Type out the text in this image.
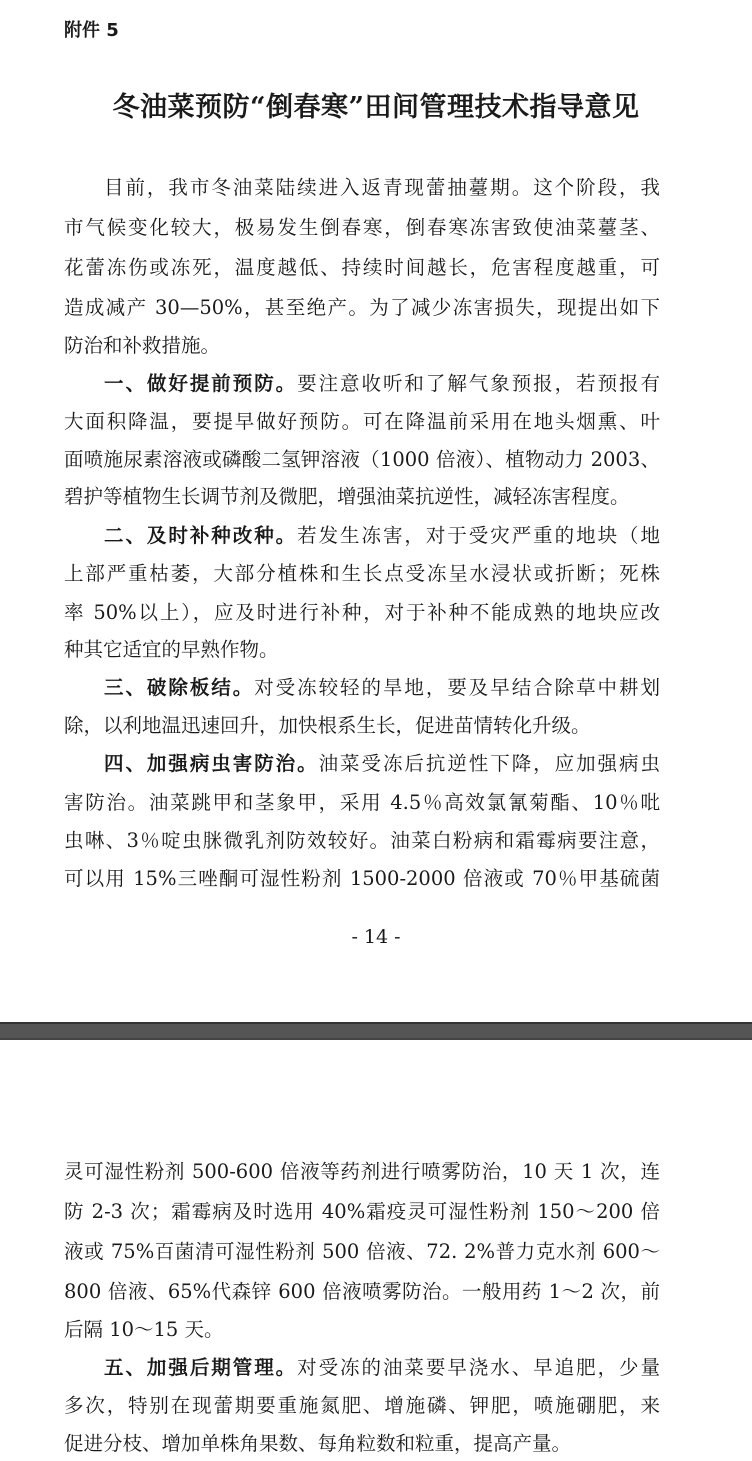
附件 5
冬油菜预防“倒春寒”田间管理技术指导意见
目前，我市冬油菜陆续进入返青现蕾抽薹期。这个阶段，我
市气候变化较大，极易发生倒春寒，倒春寒冻害致使油菜薹茎、
花蕾冻伤或冻死，温度越低、持续时间越长，危害程度越重，可
造成减产 30—50%，甚至绝产。为了减少冻害损失，现提出如下
防治和补救措施。
一、做好提前预防。要注意收听和了解气象预报，若预报有
大面积降温，要提早做好预防。可在降温前采用在地头烟熏、叶
面喷施尿素溶液或磷酸二氢钾溶液（1000 倍液）、植物动力 2003、
碧护等植物生长调节剂及微肥，增强油菜抗逆性，减轻冻害程度。
二、及时补种改种。若发生冻害，对于受灾严重的地块（地
上部严重枯萎，大部分植株和生长点受冻呈水浸状或折断；死株
率 50%以上），应及时进行补种，对于补种不能成熟的地块应改
种其它适宜的早熟作物。
三、破除板结。对受冻较轻的旱地，要及早结合除草中耕划
除，以利地温迅速回升，加快根系生长，促进苗情转化升级。
四、加强病虫害防治。油菜受冻后抗逆性下降，应加强病虫
害防治。油菜跳甲和茎象甲，采用 4.5％高效氯氰菊酯、10％吡
虫啉、3％啶虫脒微乳剂防效较好。油菜白粉病和霜霉病要注意，
可以用 15%三唑酮可湿性粉剂 1500-2000 倍液或 70％甲基硫菌
- 14 -
灵可湿性粉剂 500-600 倍液等药剂进行喷雾防治，10 天 1 次，连
防 2-3 次；霜霉病及时选用 40%霜疫灵可湿性粉剂 150～200 倍
液或 75%百菌清可湿性粉剂 500 倍液、72. 2%普力克水剂 600～
800 倍液、65%代森锌 600 倍液喷雾防治。一般用药 1～2 次，前
后隔 10～15 天。
五、加强后期管理。对受冻的油菜要早浇水、早追肥，少量
多次，特别在现蕾期要重施氮肥、增施磷、钾肥，喷施硼肥，来
促进分枝、增加单株角果数、每角粒数和粒重，提高产量。
